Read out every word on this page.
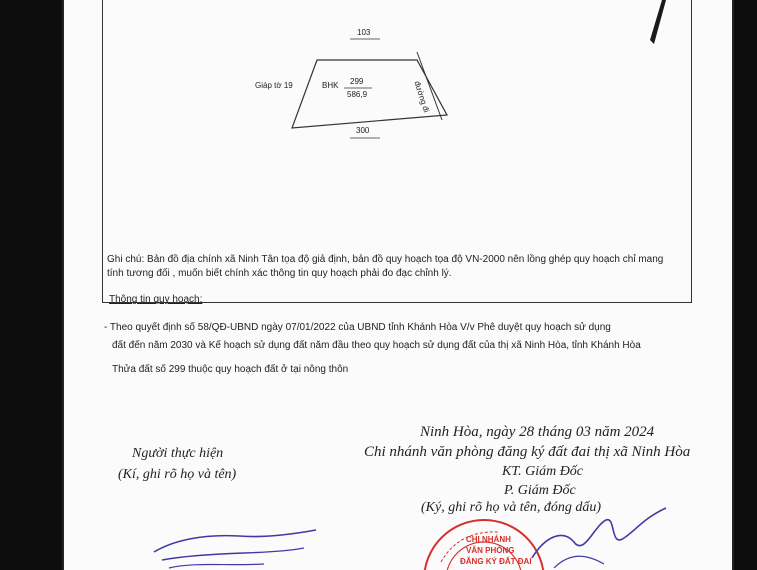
103
Giáp tờ 19	BHK 299
586,9
300
đường đi
Ghi chú: Bản đồ địa chính xã Ninh Tân tọa độ giả định, bản đồ quy hoạch tọa độ VN-2000 nên lồng ghép quy hoạch chỉ mang
tính tương đối , muốn biết chính xác thông tin quy hoạch phải đo đạc chỉnh lý.
Thông tin quy hoạch:
- Theo quyết định số 58/QĐ-UBND ngày 07/01/2022 của UBND tỉnh Khánh Hòa V/v Phê duyệt quy hoạch sử dụng
đất đến năm 2030 và Kế hoạch sử dụng đất năm đầu theo quy hoạch sử dụng đất của thị xã Ninh Hòa, tỉnh Khánh Hòa
Thửa đất số 299 thuộc quy hoạch đất ở tại nông thôn
Ninh Hòa, ngày 28 tháng 03 năm 2024
Chi nhánh văn phòng đăng ký đất đai thị xã Ninh Hòa
Người thực hiện
(Kí, ghi rõ họ và tên)	KT. Giám Đốc
P. Giám Đốc
(Ký, ghi rõ họ và tên, đóng dấu)
CHI NHÁNH
VĂN PHÒNG
ĐĂNG KÝ ĐẤT ĐAI
